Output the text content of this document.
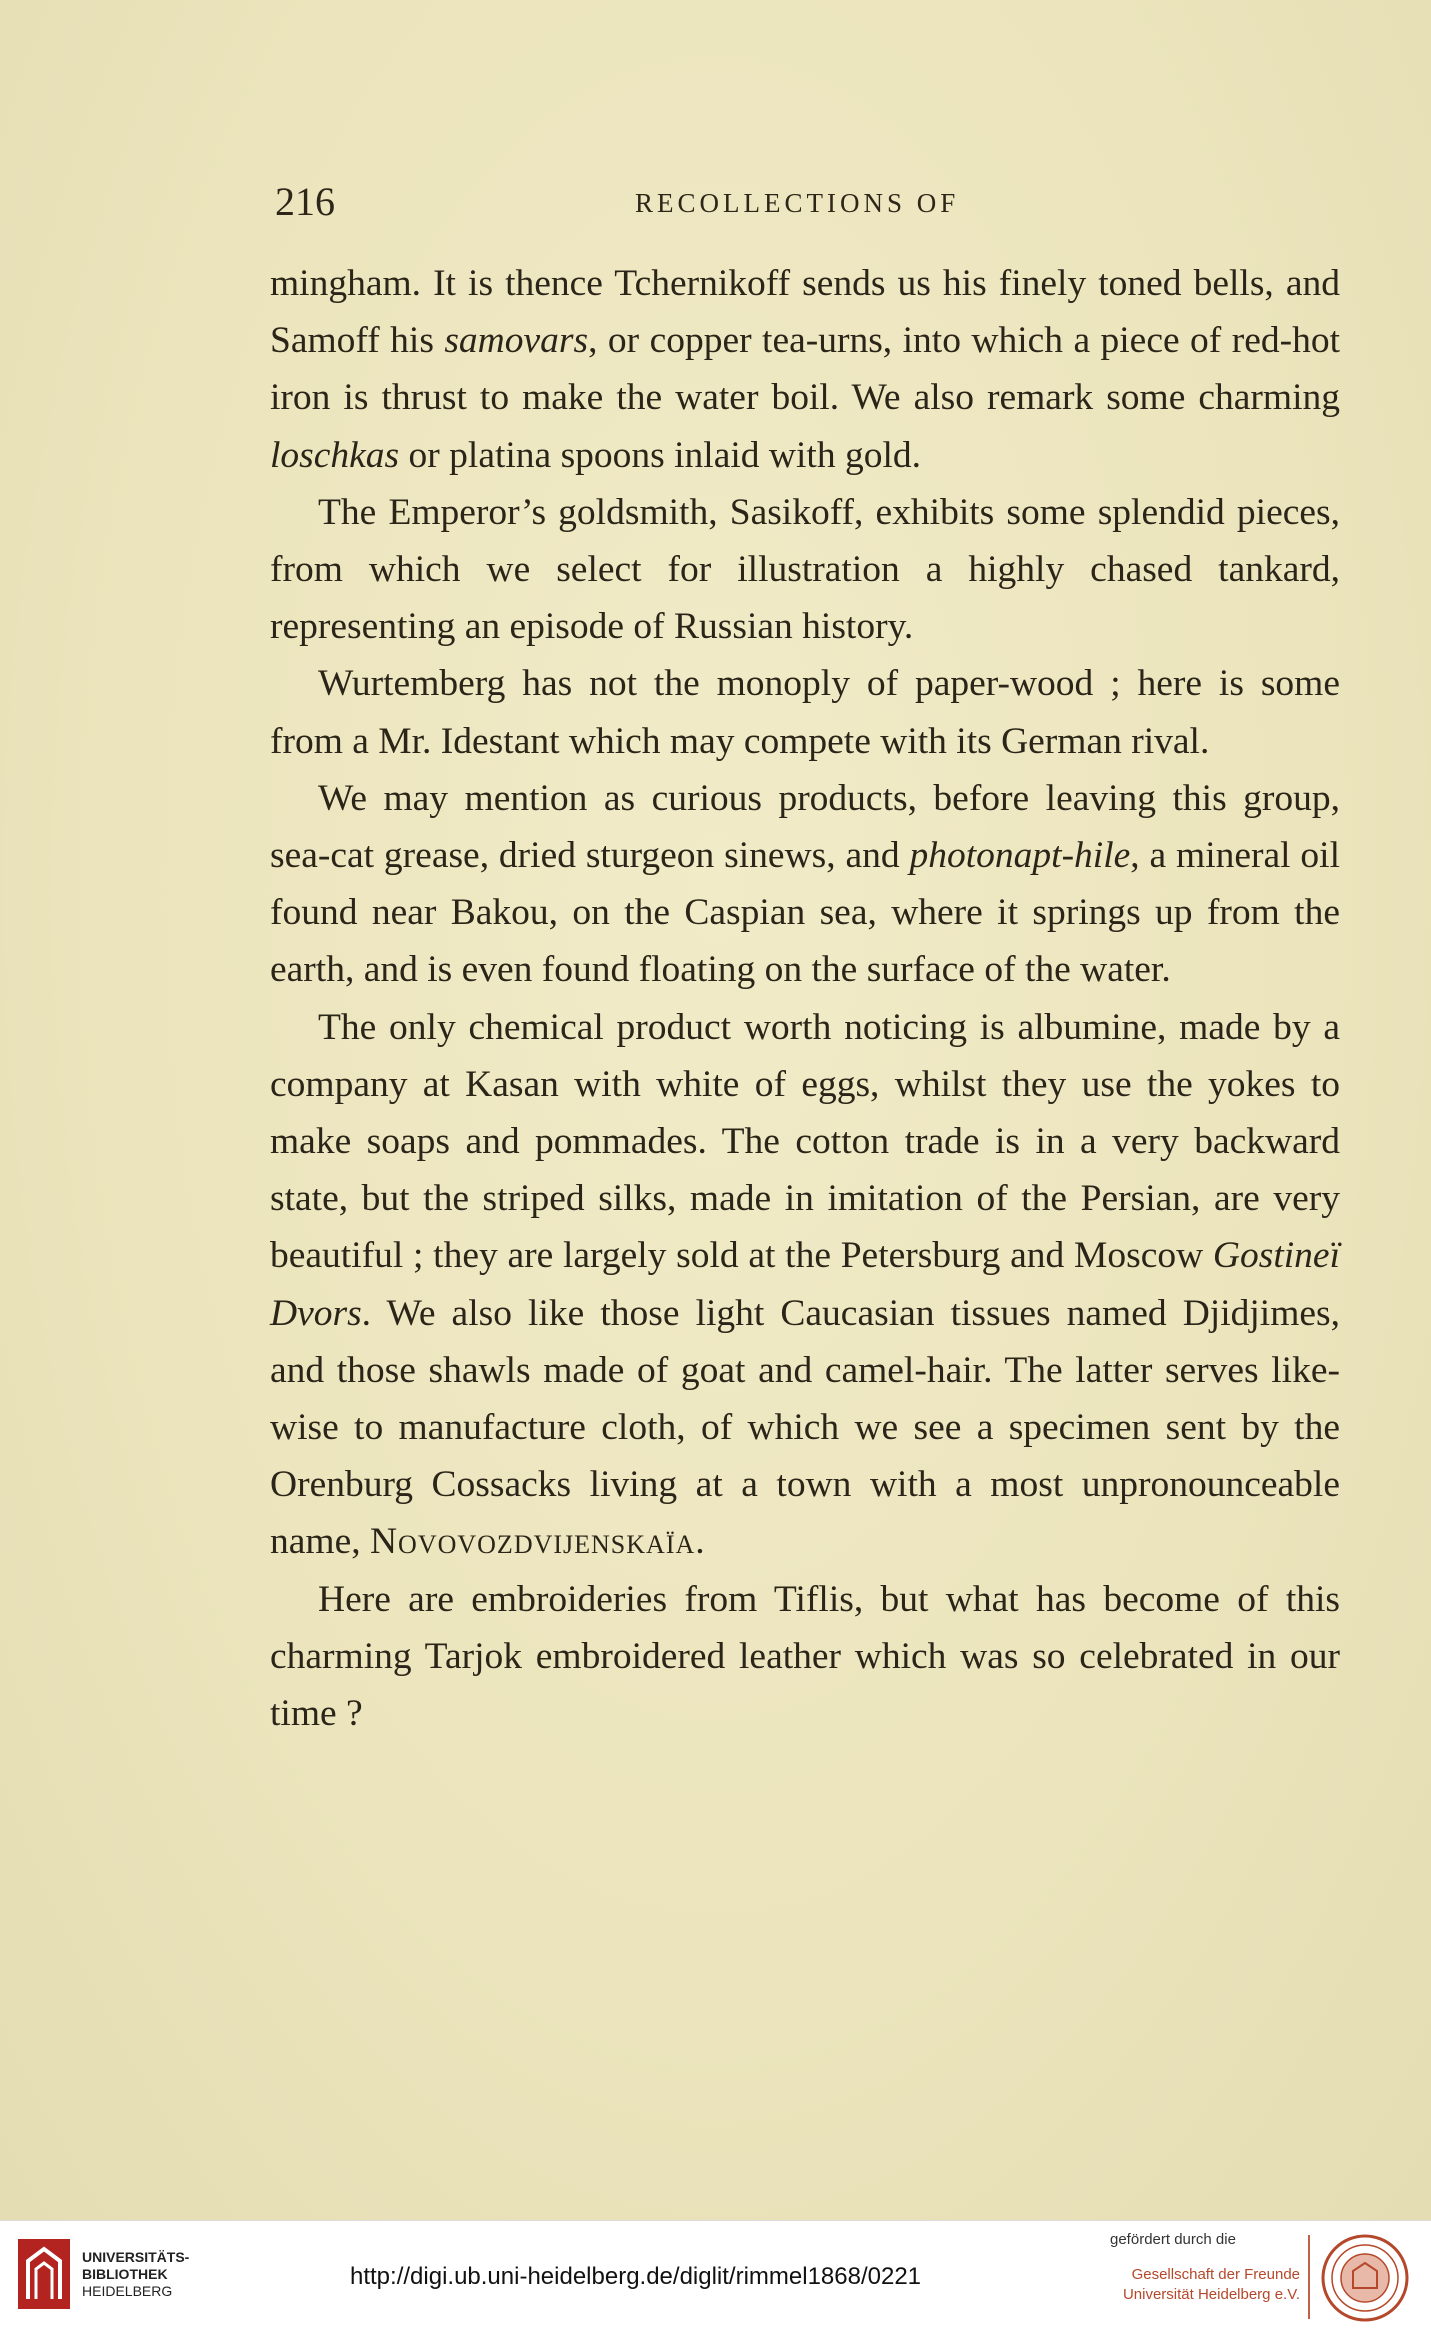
216	RECOLLECTIONS OF

mingham. It is thence Tchernikoff sends us his finely toned bells, and Samoff his samovars, or copper tea-urns, into which a piece of red-hot iron is thrust to make the water boil. We also remark some charming loschkas or platina spoons inlaid with gold.

The Emperor’s goldsmith, Sasikoff, exhibits some splendid pieces, from which we select for illustration a highly chased tankard, representing an episode of Russian history.

Wurtemberg has not the monoply of paper-wood ; here is some from a Mr. Idestant which may compete with its German rival.

We may mention as curious products, before leaving this group, sea-cat grease, dried sturgeon sinews, and photonapt-hile, a mineral oil found near Bakou, on the Caspian sea, where it springs up from the earth, and is even found floating on the surface of the water.

The only chemical product worth noticing is albumine, made by a company at Kasan with white of eggs, whilst they use the yokes to make soaps and pommades. The cotton trade is in a very backward state, but the striped silks, made in imitation of the Persian, are very beautiful ; they are largely sold at the Petersburg and Moscow Gostineï Dvors. We also like those light Caucasian tissues named Djidjimes, and those shawls made of goat and camel-hair. The latter serves like-wise to manufacture cloth, of which we see a specimen sent by the Orenburg Cossacks living at a town with a most unpronounceable name, Novovozdvijenskaïa.

Here are embroideries from Tiflis, but what has become of this charming Tarjok embroidered leather which was so celebrated in our time ?

UNIVERSITÄTS-
BIBLIOTHEK
HEIDELBERG
http://digi.ub.uni-heidelberg.de/diglit/rimmel1868/0221
gefördert durch die
Gesellschaft der Freunde
Universität Heidelberg e.V.
